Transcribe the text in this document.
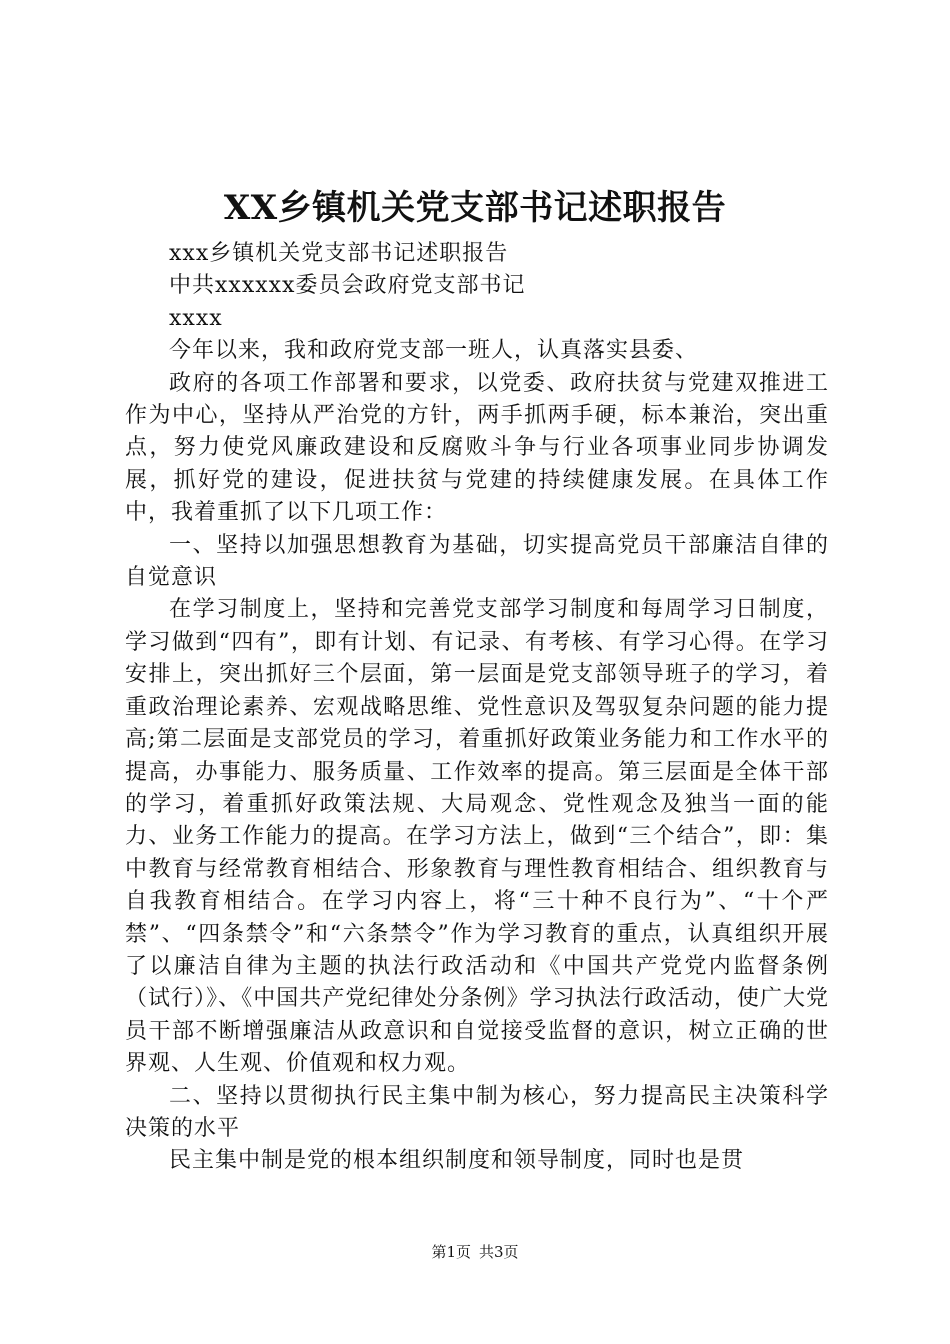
XX乡镇机关党支部书记述职报告

xxx乡镇机关党支部书记述职报告

中共xxxxxx委员会政府党支部书记

xxxx

今年以来，我和政府党支部一班人，认真落实县委、

政府的各项工作部署和要求，以党委、政府扶贫与党建双推进工作为中心，坚持从严治党的方针，两手抓两手硬，标本兼治，突出重点，努力使党风廉政建设和反腐败斗争与行业各项事业同步协调发展，抓好党的建设，促进扶贫与党建的持续健康发展。在具体工作中，我着重抓了以下几项工作：

一、坚持以加强思想教育为基础，切实提高党员干部廉洁自律的自觉意识

在学习制度上，坚持和完善党支部学习制度和每周学习日制度，学习做到“四有”，即有计划、有记录、有考核、有学习心得。在学习安排上，突出抓好三个层面，第一层面是党支部领导班子的学习，着重政治理论素养、宏观战略思维、党性意识及驾驭复杂问题的能力提高;第二层面是支部党员的学习，着重抓好政策业务能力和工作水平的提高，办事能力、服务质量、工作效率的提高。第三层面是全体干部的学习，着重抓好政策法规、大局观念、党性观念及独当一面的能力、业务工作能力的提高。在学习方法上，做到“三个结合”，即：集中教育与经常教育相结合、形象教育与理性教育相结合、组织教育与自我教育相结合。在学习内容上，将“三十种不良行为”、“十个严禁”、“四条禁令”和“六条禁令”作为学习教育的重点，认真组织开展了以廉洁自律为主题的执法行政活动和《中国共产党党内监督条例（试行）》、《中国共产党纪律处分条例》学习执法行政活动，使广大党员干部不断增强廉洁从政意识和自觉接受监督的意识，树立正确的世界观、人生观、价值观和权力观。

二、坚持以贯彻执行民主集中制为核心，努力提高民主决策科学决策的水平

民主集中制是党的根本组织制度和领导制度，同时也是贯

第1页 共3页
